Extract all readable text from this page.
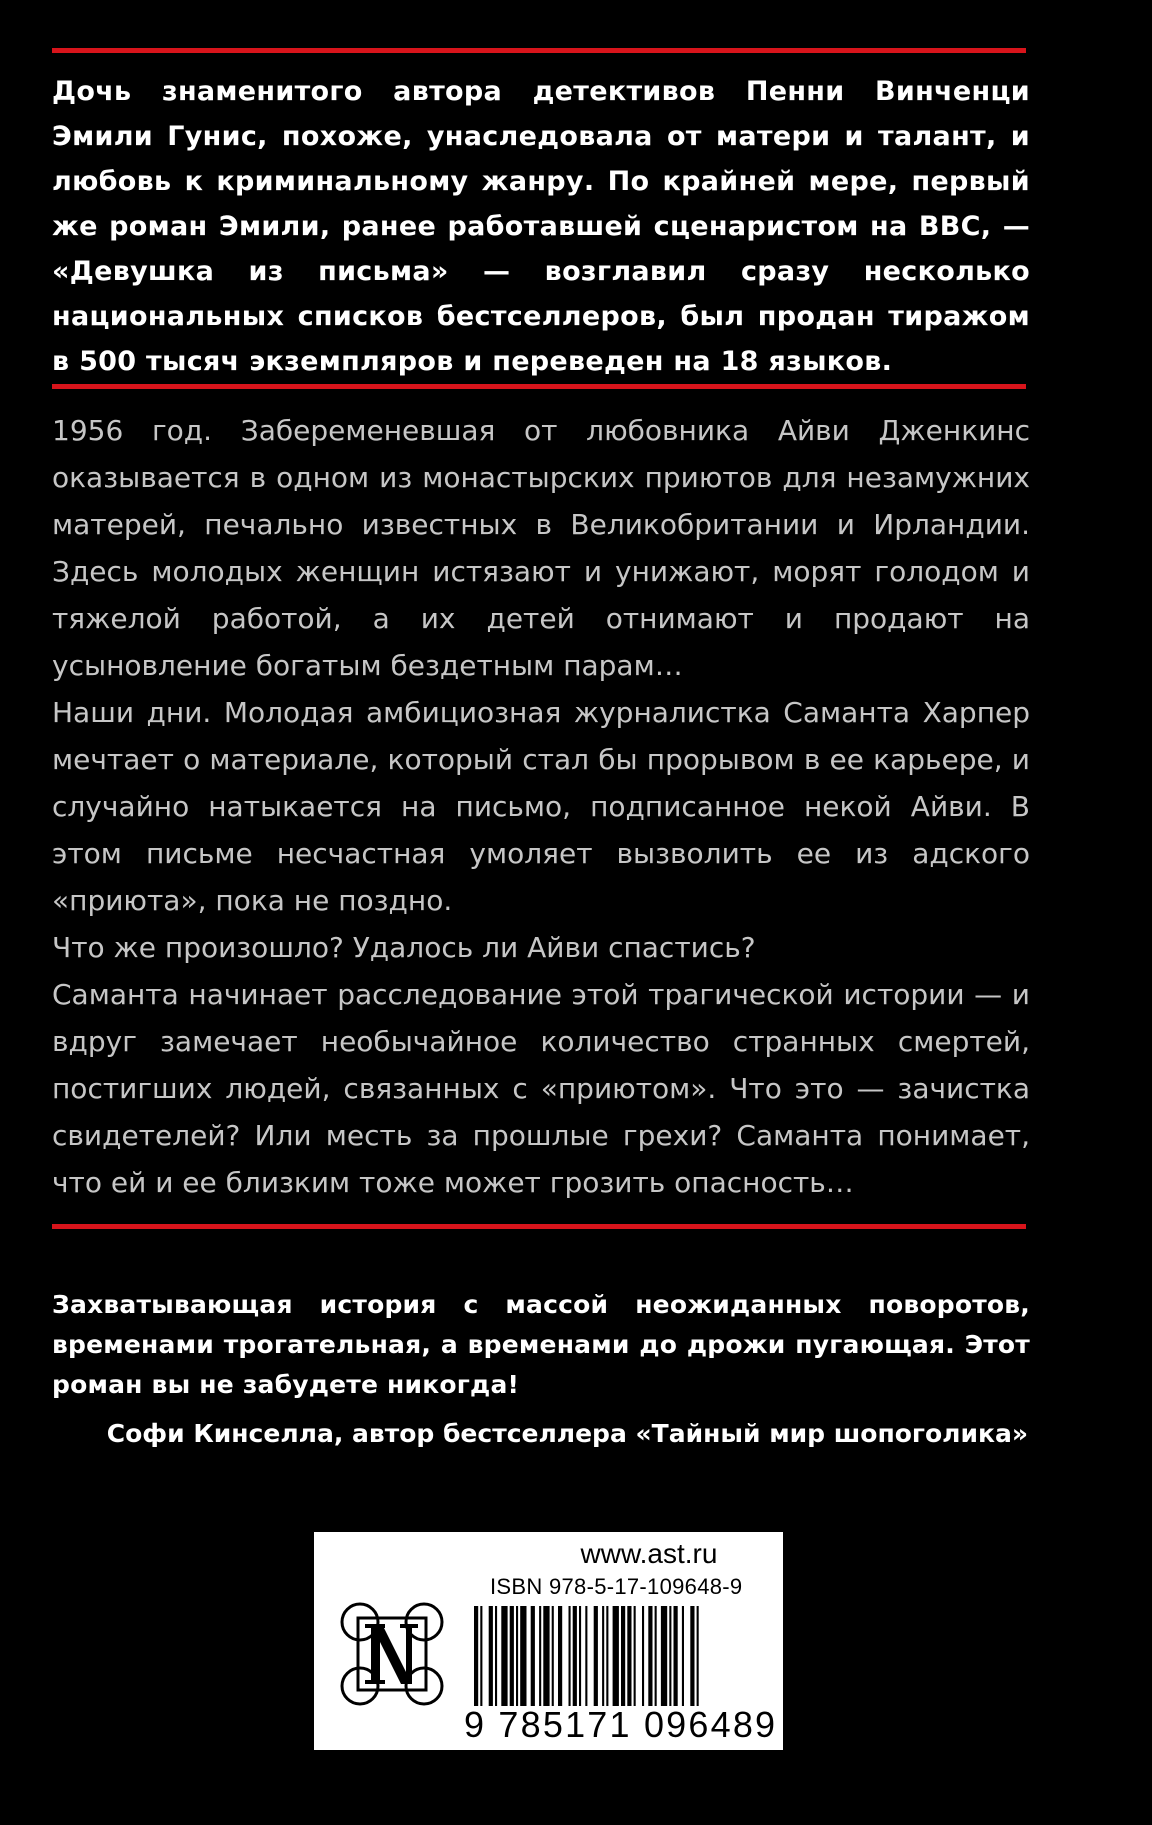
Дочь знаменитого автора детективов Пенни Винченци Эмили Гунис, похоже, унаследовала от матери и талант, и любовь к криминальному жанру. По крайней мере, первый же роман Эмили, ранее работавшей сценаристом на BBC, — «Девушка из письма» — возглавил сразу несколько национальных списков бестселлеров, был продан тиражом в 500 тысяч экземпляров и переведен на 18 языков.

1956 год. Забеременевшая от любовника Айви Дженкинс оказывается в одном из монастырских приютов для незамужних матерей, печально известных в Великобритании и Ирландии. Здесь молодых женщин истязают и унижают, морят голодом и тяжелой работой, а их детей отнимают и продают на усыновление богатым бездетным парам…

Наши дни. Молодая амбициозная журналистка Саманта Харпер мечтает о материале, который стал бы прорывом в ее карьере, и случайно натыкается на письмо, подписанное некой Айви. В этом письме несчастная умоляет вызволить ее из адского «приюта», пока не поздно.

Что же произошло? Удалось ли Айви спастись?

Саманта начинает расследование этой трагической истории — и вдруг замечает необычайное количество странных смертей, постигших людей, связанных с «приютом». Что это — зачистка свидетелей? Или месть за прошлые грехи? Саманта понимает, что ей и ее близким тоже может грозить опасность…

Захватывающая история с массой неожиданных поворотов, временами трогательная, а временами до дрожи пугающая. Этот роман вы не забудете никогда!

Софи Кинселла, автор бестселлера «Тайный мир шопоголика»
www.ast.ru
ISBN 978-5-17-109648-9
9 785171 096489
